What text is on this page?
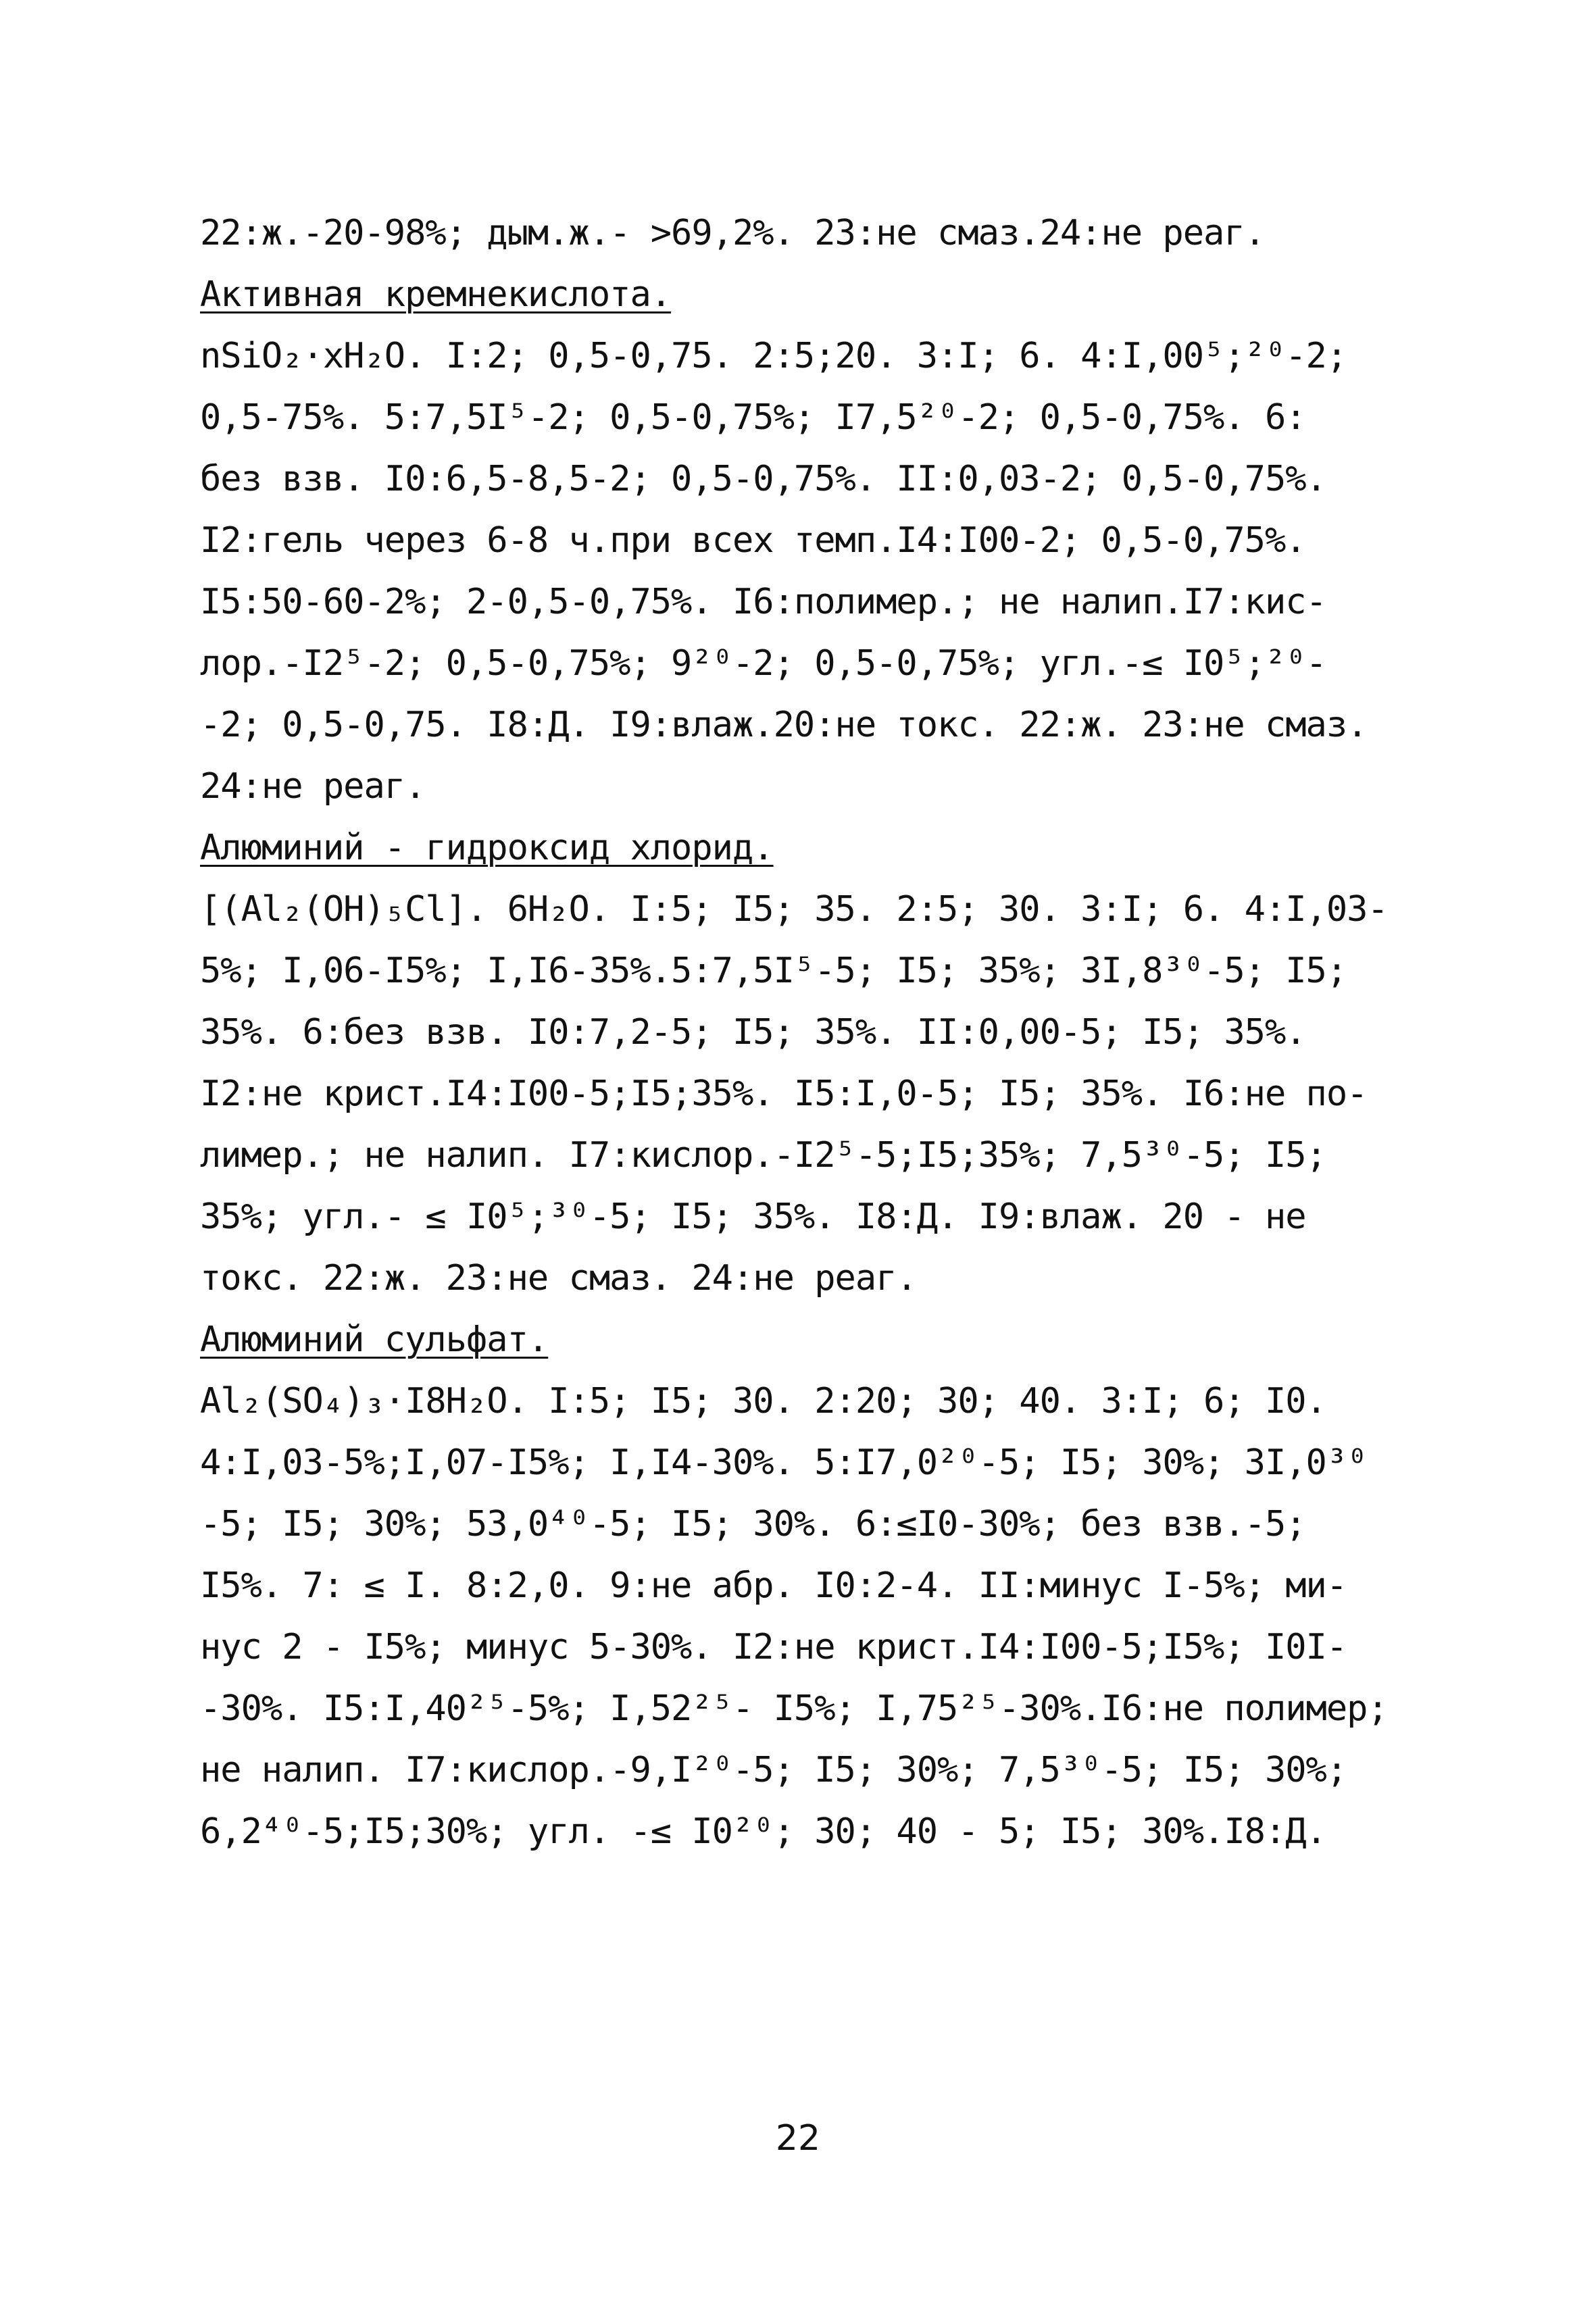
22:ж.-20-98%; дым.ж.- >69,2%. 23:не смаз.24:не реаг.
Активная кремнекислота.
nSiO₂·xH₂O. I:2; 0,5-0,75. 2:5;20. 3:I; 6. 4:I,00⁵;²⁰-2;
0,5-75%. 5:7,5I⁵-2; 0,5-0,75%; I7,5²⁰-2; 0,5-0,75%. 6:
без взв. I0:6,5-8,5-2; 0,5-0,75%. II:0,03-2; 0,5-0,75%.
I2:гель через 6-8 ч.при всех темп.I4:I00-2; 0,5-0,75%.
I5:50-60-2%; 2-0,5-0,75%. I6:полимер.; не налип.I7:кис-
лор.-I2⁵-2; 0,5-0,75%; 9²⁰-2; 0,5-0,75%; угл.-≤ I0⁵;²⁰-
-2; 0,5-0,75. I8:Д. I9:влаж.20:не токс. 22:ж. 23:не смаз.
24:не реаг.
Алюминий - гидроксид хлорид.
[(Al₂(OH)₅Cl]. 6H₂O. I:5; I5; 35. 2:5; 30. 3:I; 6. 4:I,03-
5%; I,06-I5%; I,I6-35%.5:7,5I⁵-5; I5; 35%; 3I,8³⁰-5; I5;
35%. 6:без взв. I0:7,2-5; I5; 35%. II:0,00-5; I5; 35%.
I2:не крист.I4:I00-5;I5;35%. I5:I,0-5; I5; 35%. I6:не по-
лимер.; не налип. I7:кислор.-I2⁵-5;I5;35%; 7,5³⁰-5; I5;
35%; угл.- ≤ I0⁵;³⁰-5; I5; 35%. I8:Д. I9:влаж. 20 - не
токс. 22:ж. 23:не смаз. 24:не реаг.
Алюминий сульфат.
Al₂(SO₄)₃·I8H₂O. I:5; I5; 30. 2:20; 30; 40. 3:I; 6; I0.
4:I,03-5%;I,07-I5%; I,I4-30%. 5:I7,0²⁰-5; I5; 30%; 3I,0³⁰
-5; I5; 30%; 53,0⁴⁰-5; I5; 30%. 6:≤I0-30%; без взв.-5;
I5%. 7: ≤ I. 8:2,0. 9:не абр. I0:2-4. II:минус I-5%; ми-
нус 2 - I5%; минус 5-30%. I2:не крист.I4:I00-5;I5%; I0I-
-30%. I5:I,40²⁵-5%; I,52²⁵- I5%; I,75²⁵-30%.I6:не полимер;
не налип. I7:кислор.-9,I²⁰-5; I5; 30%; 7,5³⁰-5; I5; 30%;
6,2⁴⁰-5;I5;30%; угл. -≤ I0²⁰; 30; 40 - 5; I5; 30%.I8:Д.
22
